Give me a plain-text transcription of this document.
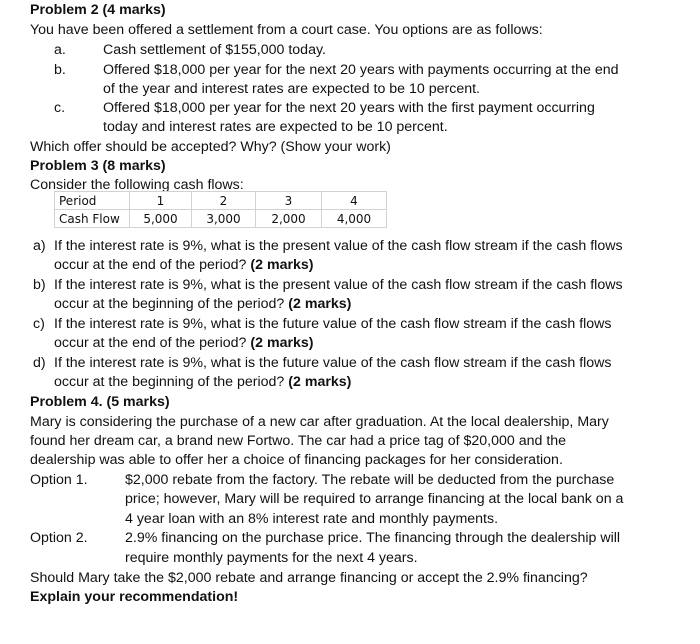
Problem 2 (4 marks)
You have been offered a settlement from a court case. You options are as follows:
a.	Cash settlement of $155,000 today.
b.	Offered $18,000 per year for the next 20 years with payments occurring at the end
of the year and interest rates are expected to be 10 percent.
c.	Offered $18,000 per year for the next 20 years with the first payment occurring
today and interest rates are expected to be 10 percent.
Which offer should be accepted? Why? (Show your work)
Problem 3 (8 marks)
Consider the following cash flows:
Period	1	2	3	4
Cash Flow	5,000	3,000	2,000	4,000
a) If the interest rate is 9%, what is the present value of the cash flow stream if the cash flows
occur at the end of the period? (2 marks)
b) If the interest rate is 9%, what is the present value of the cash flow stream if the cash flows
occur at the beginning of the period? (2 marks)
c) If the interest rate is 9%, what is the future value of the cash flow stream if the cash flows
occur at the end of the period? (2 marks)
d) If the interest rate is 9%, what is the future value of the cash flow stream if the cash flows
occur at the beginning of the period? (2 marks)
Problem 4. (5 marks)
Mary is considering the purchase of a new car after graduation. At the local dealership, Mary
found her dream car, a brand new Fortwo. The car had a price tag of $20,000 and the
dealership was able to offer her a choice of financing packages for her consideration.
Option 1.	$2,000 rebate from the factory. The rebate will be deducted from the purchase
price; however, Mary will be required to arrange financing at the local bank on a
4 year loan with an 8% interest rate and monthly payments.
Option 2.	2.9% financing on the purchase price. The financing through the dealership will
require monthly payments for the next 4 years.
Should Mary take the $2,000 rebate and arrange financing or accept the 2.9% financing?
Explain your recommendation!
